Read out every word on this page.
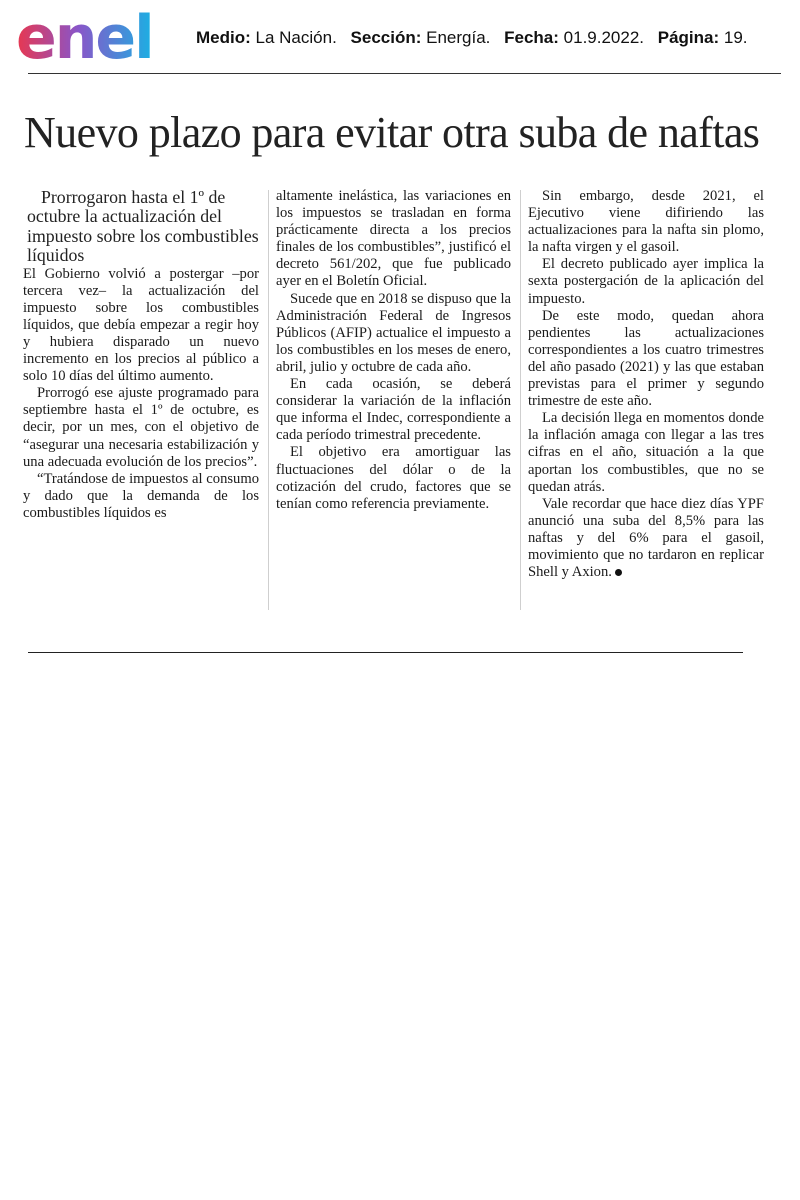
enel	Medio: La Nación. Sección: Energía. Fecha: 01.9.2022. Página: 19.
Nuevo plazo para evitar otra suba de naftas

Prorrogaron hasta el 1º de octubre la actualización del impuesto sobre los combustibles líquidos

El Gobierno volvió a postergar –por tercera vez– la actualización del impuesto sobre los combustibles líquidos, que debía empezar a regir hoy y hubiera disparado un nuevo incremento en los precios al público a solo 10 días del último aumento.

Prorrogó ese ajuste programado para septiembre hasta el 1º de octubre, es decir, por un mes, con el objetivo de “asegurar una necesaria estabilización y una adecuada evolución de los precios”.

“Tratándose de impuestos al consumo y dado que la demanda de los combustibles líquidos es

altamente inelástica, las variaciones en los impuestos se trasladan en forma prácticamente directa a los precios finales de los combustibles”, justificó el decreto 561/202, que fue publicado ayer en el Boletín Oficial.

Sucede que en 2018 se dispuso que la Administración Federal de Ingresos Públicos (AFIP) actualice el impuesto a los combustibles en los meses de enero, abril, julio y octubre de cada año.

En cada ocasión, se deberá considerar la variación de la inflación que informa el Indec, correspondiente a cada período trimestral precedente.

El objetivo era amortiguar las fluctuaciones del dólar o de la cotización del crudo, factores que se tenían como referencia previamente.

Sin embargo, desde 2021, el Ejecutivo viene difiriendo las actualizaciones para la nafta sin plomo, la nafta virgen y el gasoil.

El decreto publicado ayer implica la sexta postergación de la aplicación del impuesto.

De este modo, quedan ahora pendientes las actualizaciones correspondientes a los cuatro trimestres del año pasado (2021) y las que estaban previstas para el primer y segundo trimestre de este año.

La decisión llega en momentos donde la inflación amaga con llegar a las tres cifras en el año, situación a la que aportan los combustibles, que no se quedan atrás.

Vale recordar que hace diez días YPF anunció una suba del 8,5% para las naftas y del 6% para el gasoil, movimiento que no tardaron en replicar Shell y Axion.
